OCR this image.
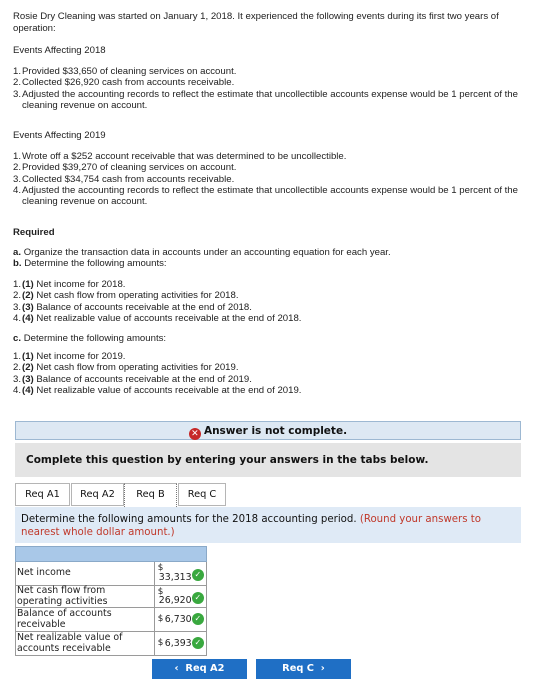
Rosie Dry Cleaning was started on January 1, 2018. It experienced the following events during its first two years of operation:
Events Affecting 2018
1. Provided $33,650 of cleaning services on account.
2. Collected $26,920 cash from accounts receivable.
3. Adjusted the accounting records to reflect the estimate that uncollectible accounts expense would be 1 percent of the cleaning revenue on account.
Events Affecting 2019
1. Wrote off a $252 account receivable that was determined to be uncollectible.
2. Provided $39,270 of cleaning services on account.
3. Collected $34,754 cash from accounts receivable.
4. Adjusted the accounting records to reflect the estimate that uncollectible accounts expense would be 1 percent of the cleaning revenue on account.
Required
a. Organize the transaction data in accounts under an accounting equation for each year.
b. Determine the following amounts:
1. (1) Net income for 2018.
2. (2) Net cash flow from operating activities for 2018.
3. (3) Balance of accounts receivable at the end of 2018.
4. (4) Net realizable value of accounts receivable at the end of 2018.
c. Determine the following amounts:
1. (1) Net income for 2019.
2. (2) Net cash flow from operating activities for 2019.
3. (3) Balance of accounts receivable at the end of 2019.
4. (4) Net realizable value of accounts receivable at the end of 2019.
✕ Answer is not complete.
Complete this question by entering your answers in the tabs below.
Req A1	Req A2	Req B	Req C
Determine the following amounts for the 2018 accounting period. (Round your answers to nearest whole dollar amount.)

Net income	$
33,313 ✓

Net cash flow from operating activities	$
26,920 ✓

Balance of accounts receivable	$ 6,730 ✓

Net realizable value of accounts receivable	$ 6,393 ✓
‹ Req A2	Req C ›
